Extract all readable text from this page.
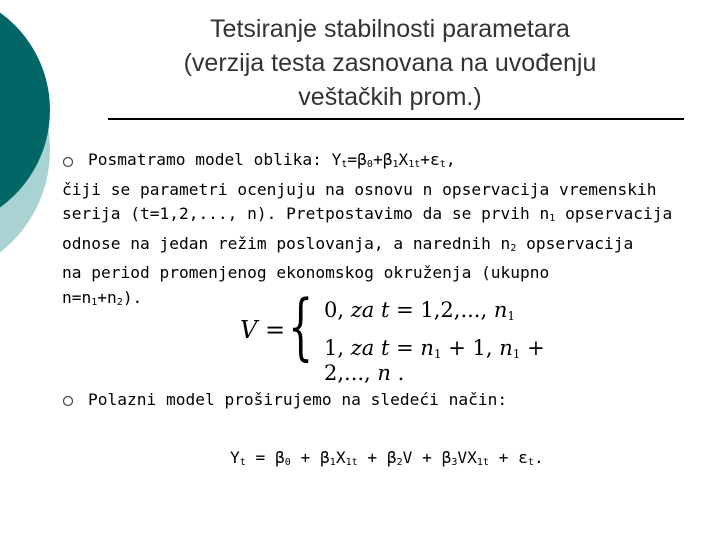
Tetsiranje stabilnosti parametara
(verzija testa zasnovana na uvođenju
veštačkih prom.)
Posmatramo model oblika: $Y_t=\beta_0+\beta_1X_{1t}+\varepsilon_t$,
čiji se parametri ocenjuju na osnovu n opservacija vremenskih
serija (t=1,2,..., n). Pretpostavimo da se prvih $n_1$ opservacija
odnose na jedan režim poslovanja, a narednih $n_2$ opservacija
na period promenjenog ekonomskog okruženja (ukupno
$n=n_1+n_2$).
V = { 0, za t = 1,2,..., $n_1$
1, za $t = n_1 + 1$, $n_1 + 2$,..., n .
Polazni model proširujemo na sledeći način:
$Y_t = \beta_0 + \beta_1X_{1t} + \beta_2V + \beta_3VX_{1t} + \varepsilon_t$.
